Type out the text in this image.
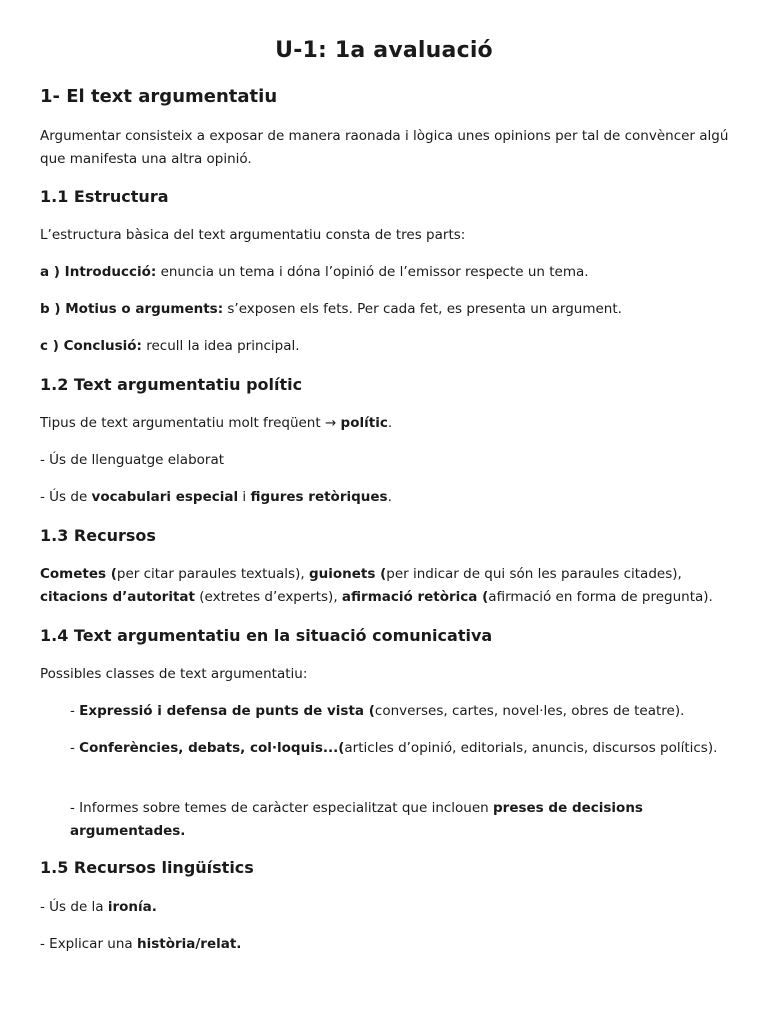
U-1: 1a avaluació
1- El text argumentatiu

Argumentar consisteix a exposar de manera raonada i lògica unes opinions per tal de convèncer algú que manifesta una altra opinió.

1.1 Estructura

L’estructura bàsica del text argumentatiu consta de tres parts:

a ) Introducció: enuncia un tema i dóna l’opinió de l’emissor respecte un tema.

b ) Motius o arguments: s’exposen els fets. Per cada fet, es presenta un argument.

c ) Conclusió: recull la idea principal.

1.2 Text argumentatiu polític

Tipus de text argumentatiu molt freqüent → polític.

- Ús de llenguatge elaborat

- Ús de vocabulari especial i figures retòriques.

1.3 Recursos

Cometes (per citar paraules textuals), guionets (per indicar de qui són les paraules citades), citacions d’autoritat (extretes d’experts), afirmació retòrica (afirmació en forma de pregunta).

1.4 Text argumentatiu en la situació comunicativa

Possibles classes de text argumentatiu:

- Expressió i defensa de punts de vista (converses, cartes, novel·les, obres de teatre).

- Conferències, debats, col·loquis...(articles d’opinió, editorials, anuncis, discursos polítics).

- Informes sobre temes de caràcter especialitzat que inclouen preses de decisions argumentades.

1.5 Recursos lingüístics

- Ús de la ironía.

- Explicar una història/relat.
